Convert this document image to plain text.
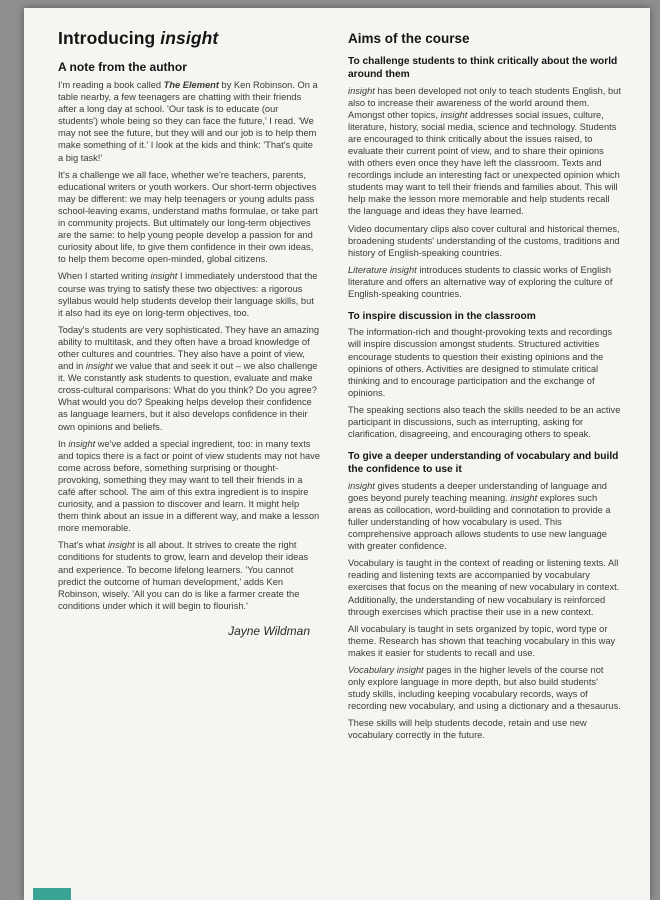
Introducing insight
A note from the author

I'm reading a book called The Element by Ken Robinson. On a table nearby, a few teenagers are chatting with their friends after a long day at school. 'Our task is to educate (our students') whole being so they can face the future,' I read. 'We may not see the future, but they will and our job is to help them make something of it.' I look at the kids and think: 'That's quite a big task!'

It's a challenge we all face, whether we're teachers, parents, educational writers or youth workers. Our short-term objectives may be different: we may help teenagers or young adults pass school-leaving exams, understand maths formulae, or take part in community projects. But ultimately our long-term objectives are the same: to help young people develop a passion for and curiosity about life, to give them confidence in their own ideas, to help them become open-minded, global citizens.

When I started writing insight I immediately understood that the course was trying to satisfy these two objectives: a rigorous syllabus would help students develop their language skills, but it also had its eye on long-term objectives, too.

Today's students are very sophisticated. They have an amazing ability to multitask, and they often have a broad knowledge of other cultures and countries. They also have a point of view, and in insight we value that and seek it out – we also challenge it. We constantly ask students to question, evaluate and make cross-cultural comparisons: What do you think? Do you agree? What would you do? Speaking helps develop their confidence as language learners, but it also develops confidence in their own opinions and beliefs.

In insight we've added a special ingredient, too: in many texts and topics there is a fact or point of view students may not have come across before, something surprising or thought-provoking, something they may want to tell their friends in a café after school. The aim of this extra ingredient is to inspire curiosity, and a passion to discover and learn. It might help them think about an issue in a different way, and make a lesson more memorable.

That's what insight is all about. It strives to create the right conditions for students to grow, learn and develop their ideas and experience. To become lifelong learners. 'You cannot predict the outcome of human development,' adds Ken Robinson, wisely. 'All you can do is like a farmer create the conditions under which it will begin to flourish.'

Jayne Wildman
Aims of the course
To challenge students to think critically about the world around them

insight has been developed not only to teach students English, but also to increase their awareness of the world around them. Amongst other topics, insight addresses social issues, culture, literature, history, social media, science and technology. Students are encouraged to think critically about the issues raised, to evaluate their current point of view, and to share their opinions with others even once they have left the classroom. Texts and recordings include an interesting fact or unexpected opinion which students may want to tell their friends and families about. This will help make the lesson more memorable and help students recall the language and ideas they have learned.

Video documentary clips also cover cultural and historical themes, broadening students' understanding of the customs, traditions and history of English-speaking countries.

Literature insight introduces students to classic works of English literature and offers an alternative way of exploring the culture of English-speaking countries.

To inspire discussion in the classroom

The information-rich and thought-provoking texts and recordings will inspire discussion amongst students. Structured activities encourage students to question their existing opinions and the opinions of others. Activities are designed to stimulate critical thinking and to encourage participation and the exchange of opinions.

The speaking sections also teach the skills needed to be an active participant in discussions, such as interrupting, asking for clarification, disagreeing, and encouraging others to speak.

To give a deeper understanding of vocabulary and build the confidence to use it

insight gives students a deeper understanding of language and goes beyond purely teaching meaning. insight explores such areas as collocation, word-building and connotation to provide a fuller understanding of how vocabulary is used. This comprehensive approach allows students to use new language with greater confidence.

Vocabulary is taught in the context of reading or listening texts. All reading and listening texts are accompanied by vocabulary exercises that focus on the meaning of new vocabulary in context. Additionally, the understanding of new vocabulary is reinforced through exercises which practise their use in a new context.

All vocabulary is taught in sets organized by topic, word type or theme. Research has shown that teaching vocabulary in this way makes it easier for students to recall and use.

Vocabulary insight pages in the higher levels of the course not only explore language in more depth, but also build students' study skills, including keeping vocabulary records, ways of recording new vocabulary, and using a dictionary and a thesaurus.

These skills will help students decode, retain and use new vocabulary correctly in the future.
